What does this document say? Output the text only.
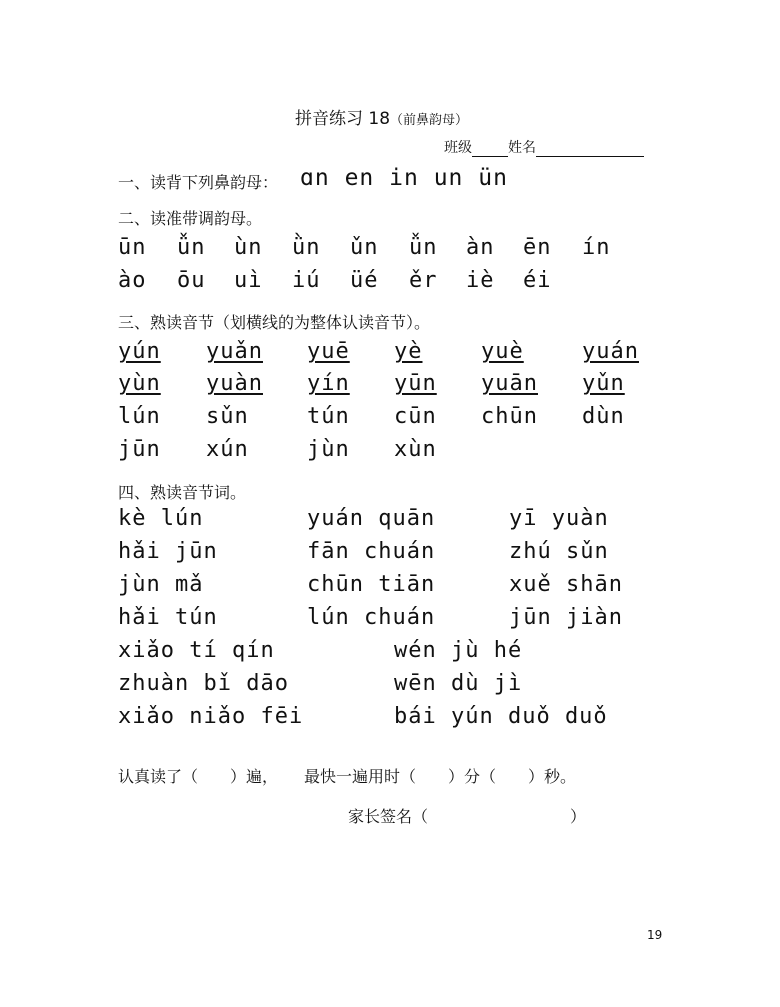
拼音练习 18（前鼻韵母）
班级	姓名
一、读背下列鼻韵母： ɑn en in un ün
二、读准带调韵母。
ūn ǚn ùn ǜn ǔn ǚn àn ēn ín
ào ōu uì iú üé ěr iè éi
三、熟读音节（划横线的为整体认读音节）。
yún yuǎn yuē yè	yuè	yuán
yùn yuàn yín yūn yuān yǔn
lún sǔn	tún cūn chūn dùn
jūn xún	jùn xùn
四、熟读音节词。
kè lún	yuán quān	yī yuàn
hǎi jūn	fān chuán	zhú sǔn
jùn mǎ	chūn tiān	xuě shān
hǎi tún	lún chuán	jūn jiàn
xiǎo tí qín	wén jù hé
zhuàn bǐ dāo	wēn dù jì
xiǎo niǎo fēi	bái yún duǒ duǒ
认真读了（　　）遍， 最快一遍用时（　　）分（　　）秒。
家长签名（	）
19
